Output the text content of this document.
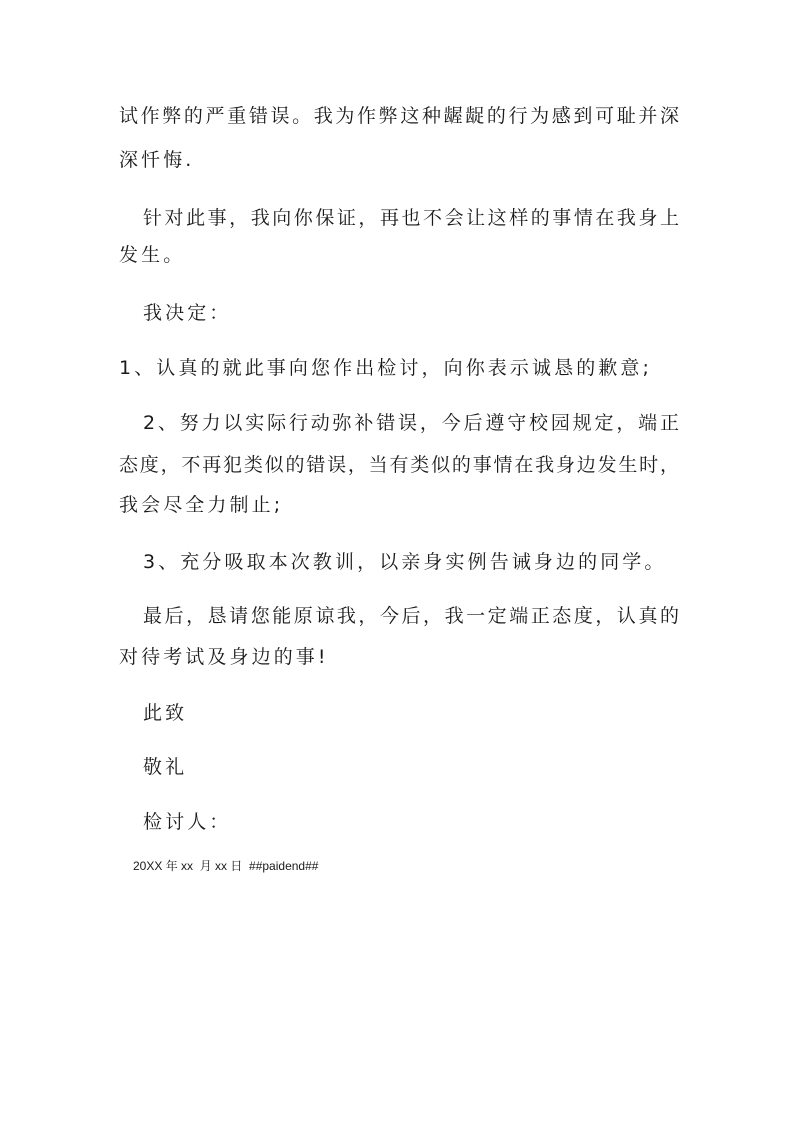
试作弊的严重错误。我为作弊这种龌龊的行为感到可耻并深
深忏悔.
针对此事，我向你保证，再也不会让这样的事情在我身上
发生。
我决定：
1、认真的就此事向您作出检讨，向你表示诚恳的歉意;
2、努力以实际行动弥补错误，今后遵守校园规定，端正
态度，不再犯类似的错误，当有类似的事情在我身边发生时，
我会尽全力制止;
3、充分吸取本次教训，以亲身实例告诫身边的同学。
最后，恳请您能原谅我，今后，我一定端正态度，认真的
对待考试及身边的事!
此致
敬礼
检讨人：
20XX 年 xx  月 xx 日  ##paidend##
